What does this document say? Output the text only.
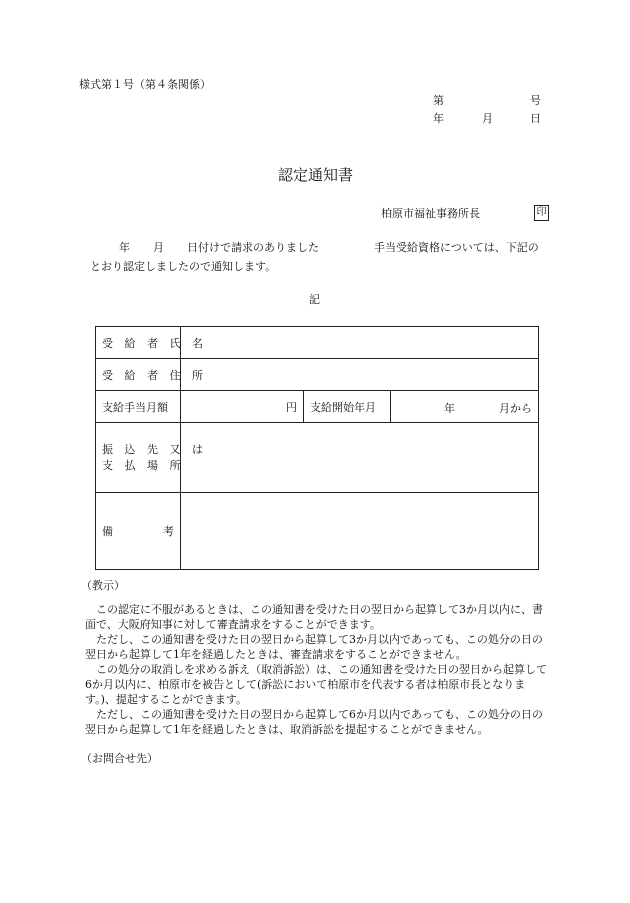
様式第１号（第４条関係）
第	号
年	月	日
認定通知書
柏原市福祉事務所長	印
年 月 日付けで請求のありました	手当受給資格については、下記の
とおり認定しましたので通知します。
記
受 給 者 氏 名			
受 給 者 住 所			
支給手当月額	円	支給開始年月	年 月から

振 込 先 又 は
支 払 場 所			

備 考			

（教示）

この認定に不服があるときは、この通知書を受けた日の翌日から起算して3か月以内に、書面で、大阪府知事に対して審査請求をすることができます。

ただし、この通知書を受けた日の翌日から起算して3か月以内であっても、この処分の日の翌日から起算して1年を経過したときは、審査請求をすることができません。

この処分の取消しを求める訴え（取消訴訟）は、この通知書を受けた日の翌日から起算して6か月以内に、柏原市を被告として(訴訟において柏原市を代表する者は柏原市長となります。)、提起することができます。

ただし、この通知書を受けた日の翌日から起算して6か月以内であっても、この処分の日の翌日から起算して1年を経過したときは、取消訴訟を提起することができません。

（お問合せ先）
